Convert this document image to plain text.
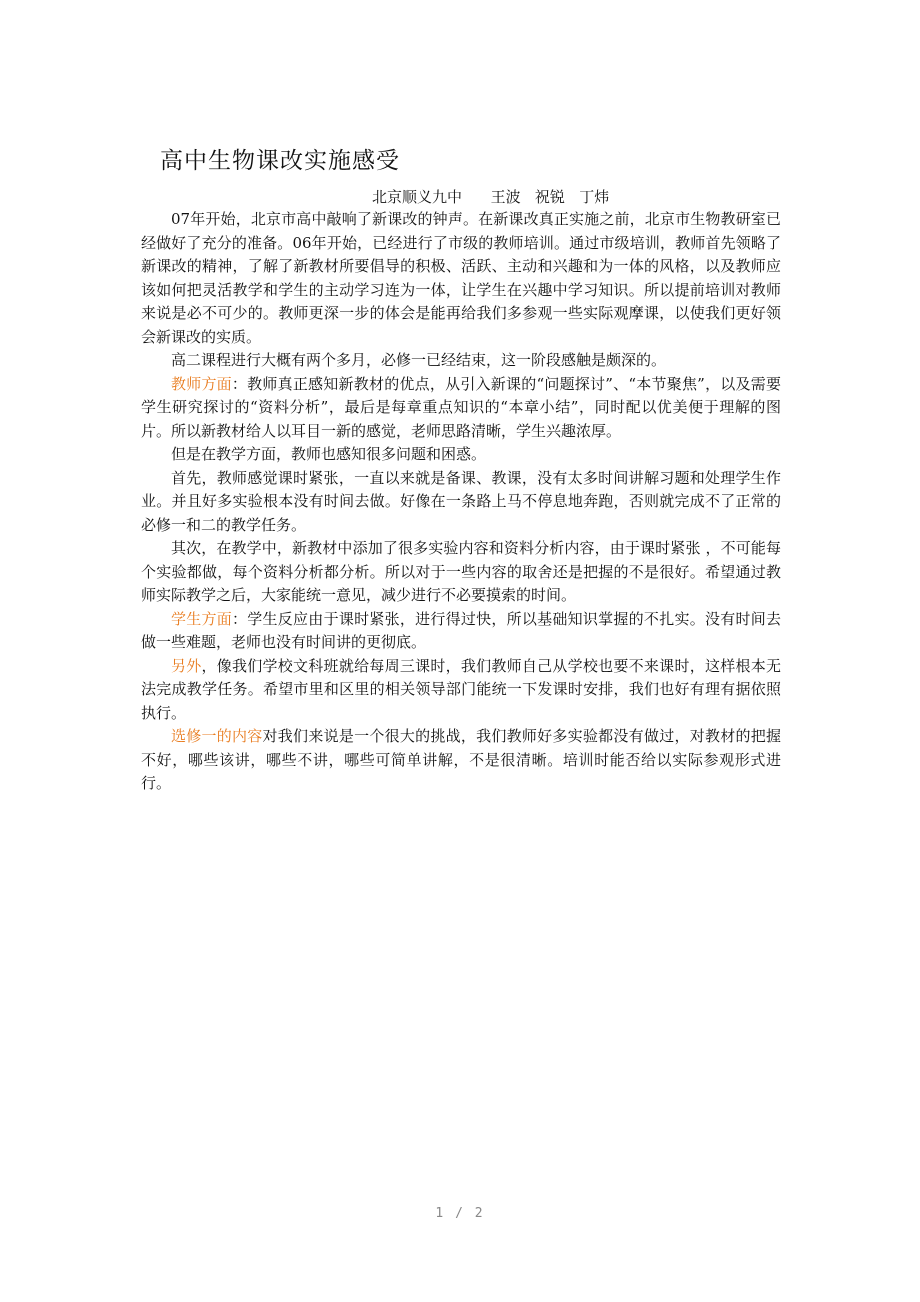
高中生物课改实施感受
北京顺义九中      王波   祝锐   丁炜

07年开始，北京市高中敲响了新课改的钟声。在新课改真正实施之前，北京市生物教研室已经做好了充分的准备。06年开始，已经进行了市级的教师培训。通过市级培训，教师首先领略了新课改的精神，了解了新教材所要倡导的积极、活跃、主动和兴趣和为一体的风格，以及教师应该如何把灵活教学和学生的主动学习连为一体，让学生在兴趣中学习知识。所以提前培训对教师来说是必不可少的。教师更深一步的体会是能再给我们多参观一些实际观摩课，以使我们更好领会新课改的实质。

高二课程进行大概有两个多月，必修一已经结束，这一阶段感触是颇深的。

教师方面：教师真正感知新教材的优点，从引入新课的“问题探讨”、“本节聚焦”，以及需要学生研究探讨的“资料分析”，最后是每章重点知识的“本章小结”，同时配以优美便于理解的图片。所以新教材给人以耳目一新的感觉，老师思路清晰，学生兴趣浓厚。

但是在教学方面，教师也感知很多问题和困惑。

首先，教师感觉课时紧张，一直以来就是备课、教课，没有太多时间讲解习题和处理学生作业。并且好多实验根本没有时间去做。好像在一条路上马不停息地奔跑，否则就完成不了正常的必修一和二的教学任务。

其次，在教学中，新教材中添加了很多实验内容和资料分析内容，由于课时紧张 ，不可能每个实验都做，每个资料分析都分析。所以对于一些内容的取舍还是把握的不是很好。希望通过教师实际教学之后，大家能统一意见，减少进行不必要摸索的时间。

学生方面：学生反应由于课时紧张，进行得过快，所以基础知识掌握的不扎实。没有时间去做一些难题，老师也没有时间讲的更彻底。

另外，像我们学校文科班就给每周三课时，我们教师自己从学校也要不来课时，这样根本无法完成教学任务。希望市里和区里的相关领导部门能统一下发课时安排，我们也好有理有据依照执行。

选修一的内容对我们来说是一个很大的挑战，我们教师好多实验都没有做过，对教材的把握不好，哪些该讲，哪些不讲，哪些可简单讲解，不是很清晰。培训时能否给以实际参观形式进行。

1 / 2
